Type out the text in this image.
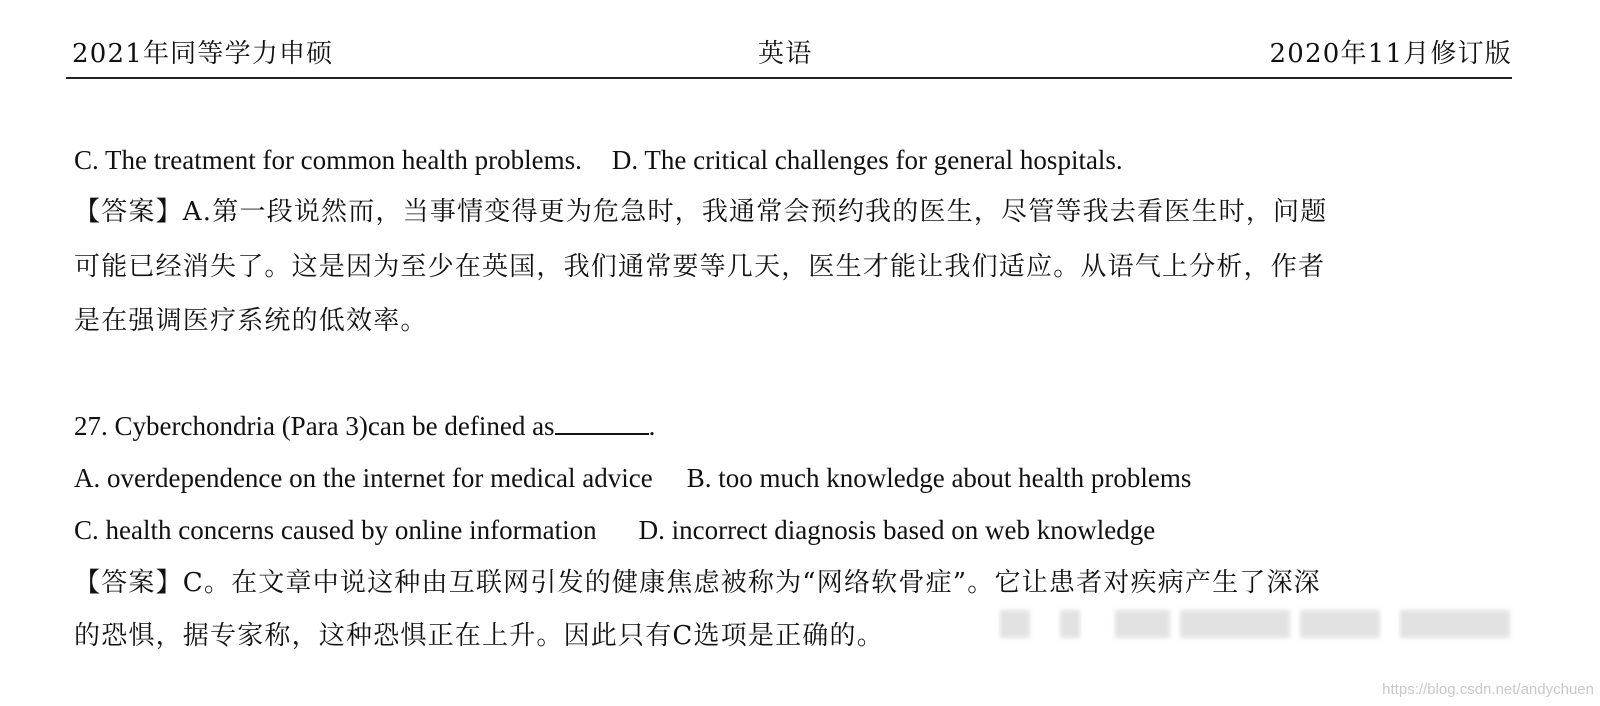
2021年同等学力申硕	英语	2020年11月修订版
C. The treatment for common health problems. D. The critical challenges for general hospitals.
【答案】A.第一段说然而，当事情变得更为危急时，我通常会预约我的医生，尽管等我去看医生时，问题
可能已经消失了。这是因为至少在英国，我们通常要等几天，医生才能让我们适应。从语气上分析，作者
是在强调医疗系统的低效率。
27. Cyberchondria (Para 3)can be defined as	.
A. overdependence on the internet for medical advice B. too much knowledge about health problems
C. health concerns caused by online information D. incorrect diagnosis based on web knowledge
【答案】C。在文章中说这种由互联网引发的健康焦虑被称为“网络软骨症”。它让患者对疾病产生了深深
的恐惧，据专家称，这种恐惧正在上升。因此只有C选项是正确的。
https://blog.csdn.net/andychuen
